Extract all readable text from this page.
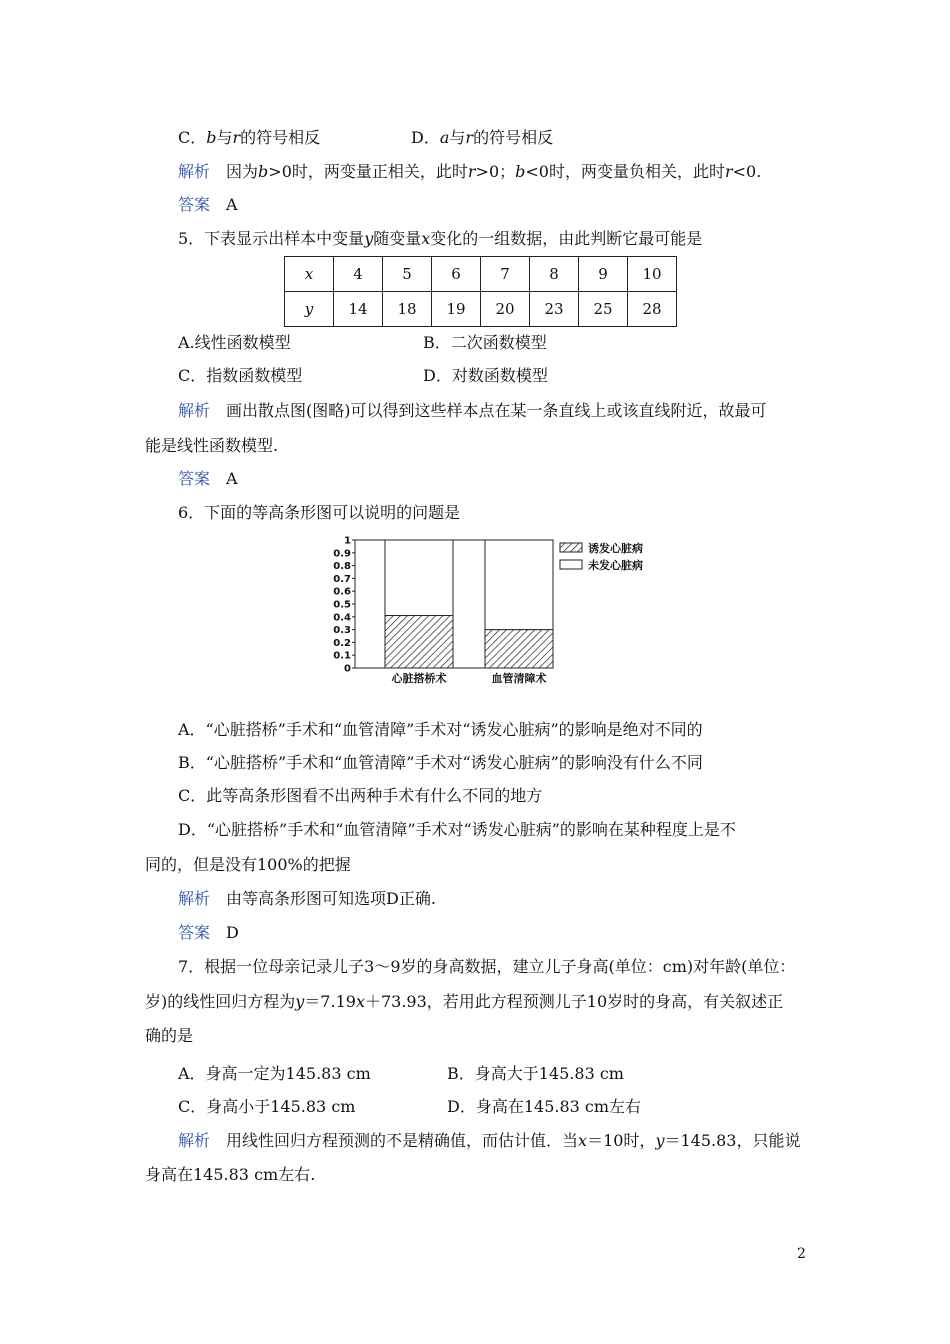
C．b与r的符号相反	D．a与r的符号相反
解析　因为b>0时，两变量正相关，此时r>0；b<0时，两变量负相关，此时r<0.
答案　 A
5．下表显示出样本中变量y随变量x变化的一组数据，由此判断它最可能是
x	4	5	6	7	8	9	10
y	14	18	19	20	23	25	28
A.线性函数模型	B．二次函数模型
C．指数函数模型	D．对数函数模型
解析　画出散点图(图略)可以得到这些样本点在某一条直线上或该直线附近，故最可
能是线性函数模型.
答案　 A
6．下面的等高条形图可以说明的问题是
0
0.1
0.2
0.3
0.4
0.5
0.6
0.7
0.8
0.9
1
心脏搭桥术	血管清障术
诱发心脏病
未发心脏病
A．“心脏搭桥”手术和“血管清障”手术对“诱发心脏病”的影响是绝对不同的
B．“心脏搭桥”手术和“血管清障”手术对“诱发心脏病”的影响没有什么不同
C．此等高条形图看不出两种手术有什么不同的地方
D．“心脏搭桥”手术和“血管清障”手术对“诱发心脏病”的影响在某种程度上是不
同的，但是没有100%的把握
解析　由等高条形图可知选项D正确.
答案　 D
7．根据一位母亲记录儿子3～9岁的身高数据，建立儿子身高(单位：cm)对年龄(单位：
岁)的线性回归方程为y＝7.19x＋73.93，若用此方程预测儿子10岁时的身高，有关叙述正
确的是
A．身高一定为145.83 cm	B．身高大于145.83 cm
C．身高小于145.83 cm	D．身高在145.83 cm左右
解析　用线性回归方程预测的不是精确值，而估计值．当x＝10时，y＝145.83，只能说
身高在145.83 cm左右.
2
